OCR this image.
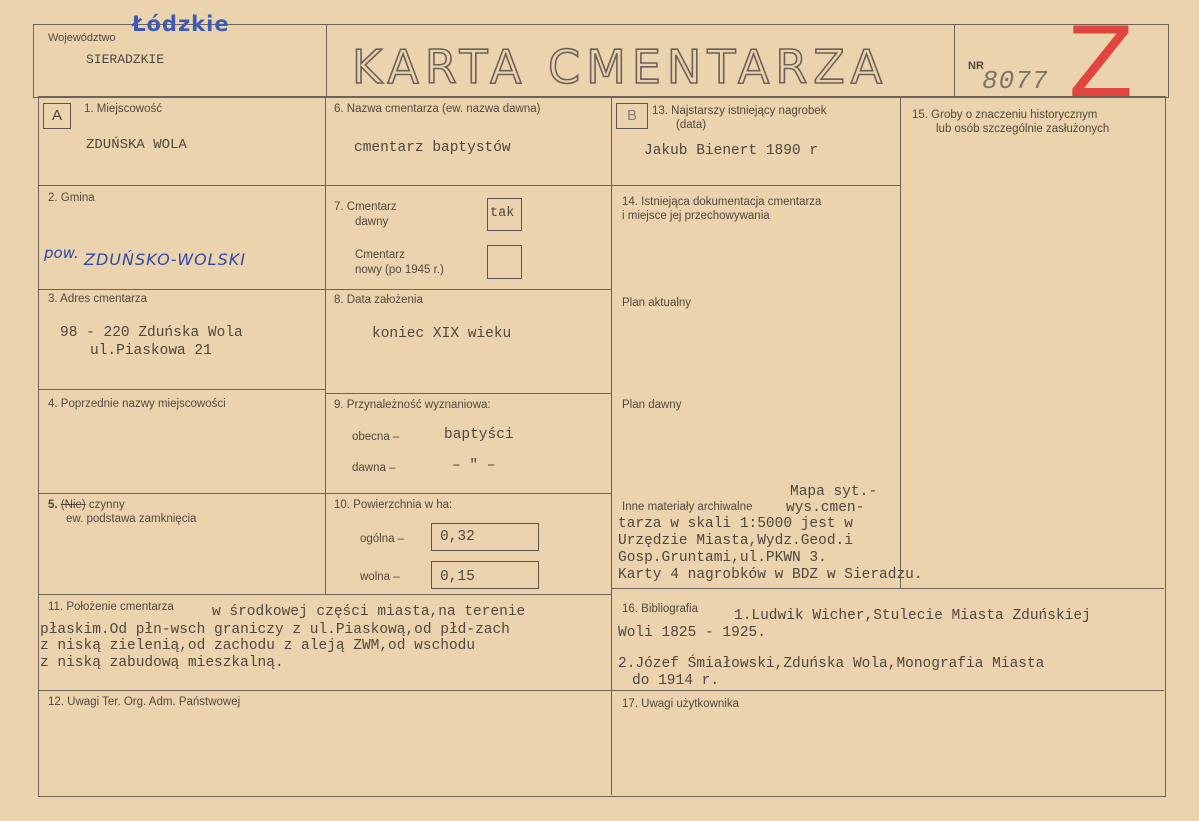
Województwo
Łódzkie
SIERADZKIE	KARTA CMENTARZA	NR
8077 Z
A	B
1. Miejscowość
ZDUŃSKA WOLA
2. Gmina
pow. ZDUŃSKO-WOLSKI
3. Adres cmentarza
98 - 220 Zduńska Wola
ul.Piaskowa 21
4. Poprzednie nazwy miejscowości
5. (Nie) czynny
ew. podstawa zamknięcia
6. Nazwa cmentarza (ew. nazwa dawna)
cmentarz baptystów
7. Cmentarz
dawny
tak
Cmentarz
nowy (po 1945 r.)
8. Data założenia
koniec XIX wieku
9. Przynależność wyznaniowa:
obecna –	baptyści
dawna –	– " –
10. Powierzchnia w ha:
ogólna – 0,32
wolna –	0,15
11. Położenie cmentarza	w środkowej części miasta,na terenie
płaskim.Od płn-wsch graniczy z ul.Piaskową,od płd-zach
z niską zielenią,od zachodu z aleją ZWM,od wschodu
z niską zabudową mieszkalną.
12. Uwagi Ter. Org. Adm. Państwowej
13. Najstarszy istniejący nagrobek
(data)
Jakub Bienert 1890 r
14. Istniejąca dokumentacja cmentarza
i miejsce jej przechowywania
Plan aktualny
Plan dawny
Mapa syt.-
Inne materiały archiwalne wys.cmen-
tarza w skali 1:5000 jest w
Urzędzie Miasta,Wydz.Geod.i
Gosp.Gruntami,ul.PKWN 3.
Karty 4 nagrobków w BDZ w Sieradzu.
15. Groby o znaczeniu historycznym
lub osób szczególnie zasłużonych
16. Bibliografia 1.Ludwik Wicher,Stulecie Miasta Zduńskiej
Woli 1825 - 1925.
2.Józef Śmiałowski,Zduńska Wola,Monografia Miasta
do 1914 r.
17. Uwagi użytkownika
